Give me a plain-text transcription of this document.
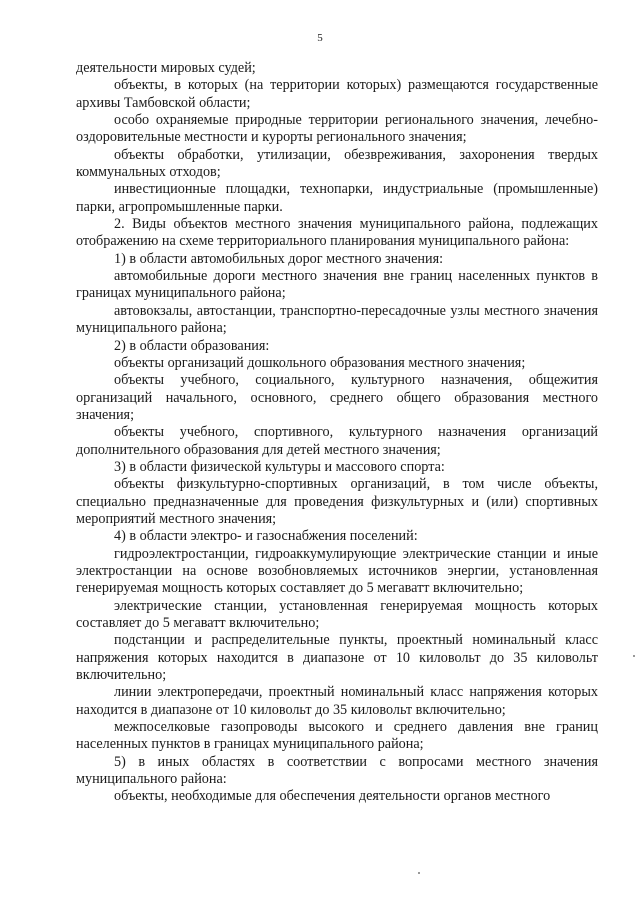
5

деятельности мировых судей;

объекты, в которых (на территории которых) размещаются государственные архивы Тамбовской области;

особо охраняемые природные территории регионального значения, лечебно-оздоровительные местности и курорты регионального значения;

объекты обработки, утилизации, обезвреживания, захоронения твердых коммунальных отходов;

инвестиционные площадки, технопарки, индустриальные (промышленные) парки, агропромышленные парки.

2. Виды объектов местного значения муниципального района, подлежащих отображению на схеме территориального планирования муниципального района:

1) в области автомобильных дорог местного значения:

автомобильные дороги местного значения вне границ населенных пунктов в границах муниципального района;

автовокзалы, автостанции, транспортно-пересадочные узлы местного значения муниципального района;

2) в области образования:

объекты организаций дошкольного образования местного значения;

объекты учебного, социального, культурного назначения, общежития организаций начального, основного, среднего общего образования местного значения;

объекты учебного, спортивного, культурного назначения организаций дополнительного образования для детей местного значения;

3) в области физической культуры и массового спорта:

объекты физкультурно-спортивных организаций, в том числе объекты, специально предназначенные для проведения физкультурных и (или) спортивных мероприятий местного значения;

4) в области электро- и газоснабжения поселений:

гидроэлектростанции, гидроаккумулирующие электрические станции и иные электростанции на основе возобновляемых источников энергии, установленная генерируемая мощность которых составляет до 5 мегаватт включительно;

электрические станции, установленная генерируемая мощность которых составляет до 5 мегаватт включительно;

подстанции и распределительные пункты, проектный номинальный класс напряжения которых находится в диапазоне от 10 киловольт до 35 киловольт включительно;

линии электропередачи, проектный номинальный класс напряжения которых находится в диапазоне от 10 киловольт до 35 киловольт включительно;

межпоселковые газопроводы высокого и среднего давления вне границ населенных пунктов в границах муниципального района;

5) в иных областях в соответствии с вопросами местного значения муниципального района:

объекты, необходимые для обеспечения деятельности органов местного
